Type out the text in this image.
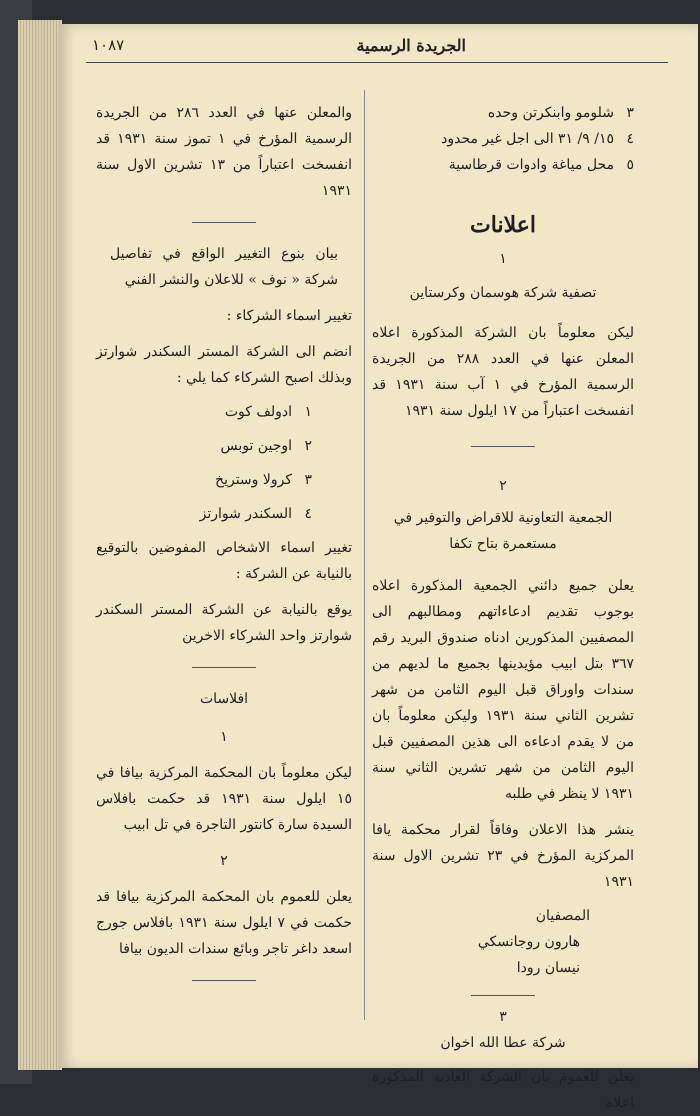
١٠٨٧	الجريدة الرسمية
٣
شلومو وابنكرتن وحده
٤
١٥/ ٩/ ٣١ الى اجل غير محدود
٥
محل مياغة وادوات قرطاسية
اعلانات
١
تصفية شركة هوسمان وكرستاين

ليكن معلوماً بان الشركة المذكورة اعلاه المعلن عنها في العدد ٢٨٨ من الجريدة الرسمية المؤرخ في ١ آب سنة ١٩٣١ قد انفسخت اعتباراً من ١٧ ايلول سنة ١٩٣١

٢
الجمعية التعاونية للاقراض والتوفير في مستعمرة بتاح تكفا

يعلن جميع دائني الجمعية المذكورة اعلاه بوجوب تقديم ادعاءاتهم ومطالبهم الى المصفيين المذكورين ادناه صندوق البريد رقم ٣٦٧ بتل ابيب مؤيدينها بجميع ما لديهم من سندات واوراق قبل اليوم الثامن من شهر تشرين الثاني سنة ١٩٣١ وليكن معلوماً بان من لا يقدم ادعاءه الى هذين المصفيين قبل اليوم الثامن من شهر تشرين الثاني سنة ١٩٣١ لا ينظر في طلبه

ينشر هذا الاعلان وفاقاً لقرار محكمة يافا المركزية المؤرخ في ٢٣ تشرين الاول سنة ١٩٣١

المصفيان
هارون روجانسكي
نيسان رودا
٣
شركة عطا الله اخوان

يعلن للعموم بان الشركة العادية المذكورة اعلاه

والمعلن عنها في العدد ٢٨٦ من الجريدة الرسمية المؤرخ في ١ تموز سنة ١٩٣١ قد انفسخت اعتباراً من ١٣ تشرين الاول سنة ١٩٣١

بيان بنوع التغيير الواقع في تفاصيل شركة « نوف » للاعلان والنشر الفني

تغيير اسماء الشركاء :

انضم الى الشركة المستر السكندر شوارتز وبذلك اصبح الشركاء كما يلي :

١
ادولف كوت
٢
اوجين توبس
٣
كرولا وستريخ
٤
السكندر شوارتز

تغيير اسماء الاشخاص المفوضين بالتوقيع بالنيابة عن الشركة :

يوقع بالنيابة عن الشركة المستر السكندر شوارتز واحد الشركاء الاخرين

افلاسات
١

ليكن معلوماً بان المحكمة المركزية بيافا في ١٥ ايلول سنة ١٩٣١ قد حكمت بافلاس السيدة سارة كانتور التاجرة في تل ابيب

٢

يعلن للعموم بان المحكمة المركزية بيافا قد حكمت في ٧ ايلول سنة ١٩٣١ بافلاس جورج اسعد داغر تاجر وبائع سندات الديون بيافا
